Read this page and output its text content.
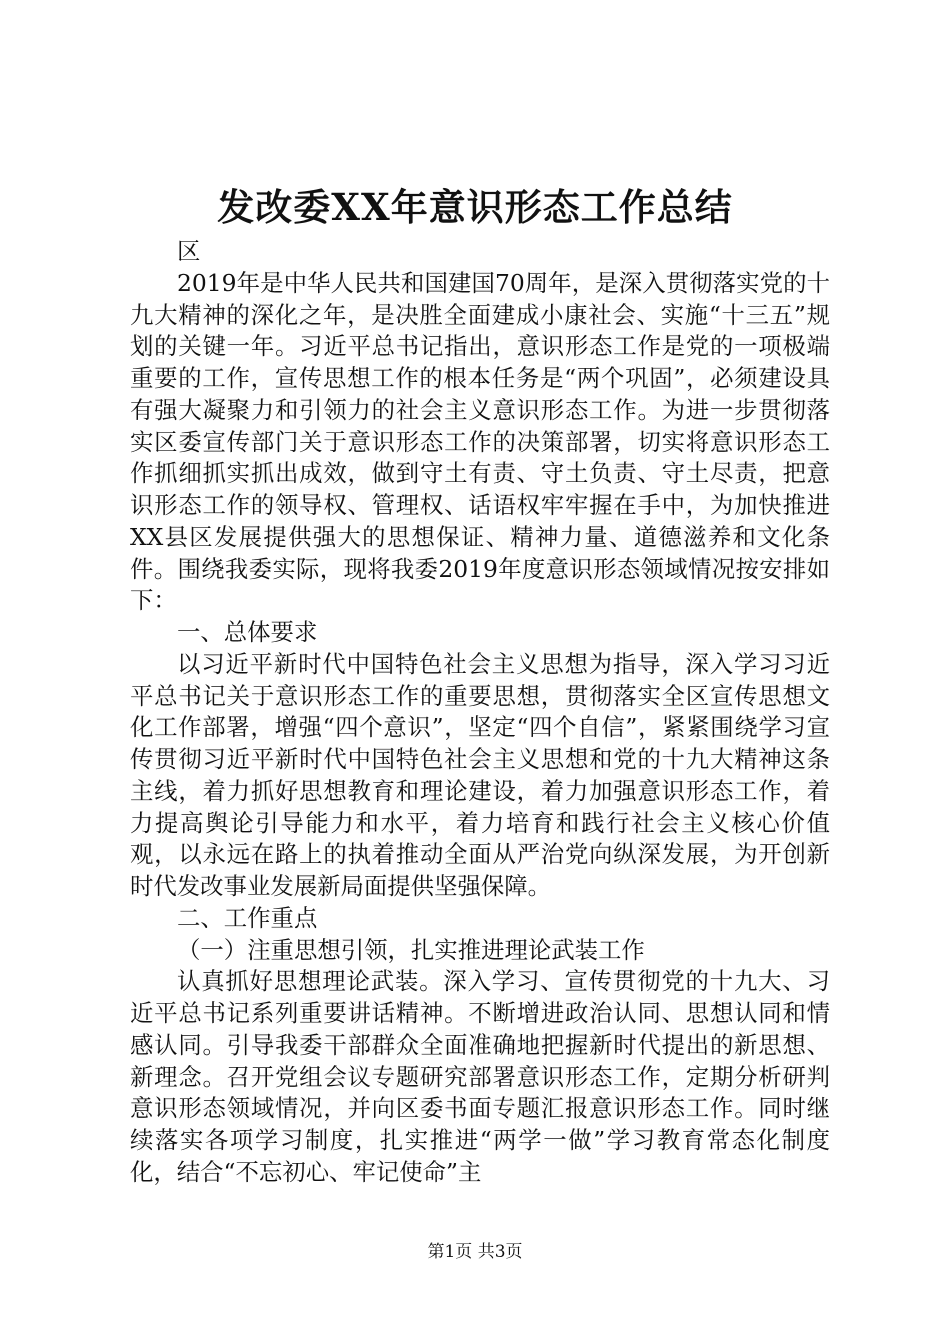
发改委XX年意识形态工作总结

区

2019年是中华人民共和国建国70周年，是深入贯彻落实党的十九大精神的深化之年，是决胜全面建成小康社会、实施“十三五”规划的关键一年。习近平总书记指出，意识形态工作是党的一项极端重要的工作，宣传思想工作的根本任务是“两个巩固”，必须建设具有强大凝聚力和引领力的社会主义意识形态工作。为进一步贯彻落实区委宣传部门关于意识形态工作的决策部署，切实将意识形态工作抓细抓实抓出成效，做到守土有责、守土负责、守土尽责，把意识形态工作的领导权、管理权、话语权牢牢握在手中，为加快推进XX县区发展提供强大的思想保证、精神力量、道德滋养和文化条件。围绕我委实际，现将我委2019年度意识形态领域情况按安排如下：

一、总体要求

以习近平新时代中国特色社会主义思想为指导，深入学习习近平总书记关于意识形态工作的重要思想，贯彻落实全区宣传思想文化工作部署，增强“四个意识”，坚定“四个自信”，紧紧围绕学习宣传贯彻习近平新时代中国特色社会主义思想和党的十九大精神这条主线，着力抓好思想教育和理论建设，着力加强意识形态工作，着力提高舆论引导能力和水平，着力培育和践行社会主义核心价值观，以永远在路上的执着推动全面从严治党向纵深发展，为开创新时代发改事业发展新局面提供坚强保障。

二、工作重点

（一）注重思想引领，扎实推进理论武装工作

认真抓好思想理论武装。深入学习、宣传贯彻党的十九大、习近平总书记系列重要讲话精神。不断增进政治认同、思想认同和情感认同。引导我委干部群众全面准确地把握新时代提出的新思想、新理念。召开党组会议专题研究部署意识形态工作，定期分析研判意识形态领域情况，并向区委书面专题汇报意识形态工作。同时继续落实各项学习制度，扎实推进“两学一做”学习教育常态化制度化，结合“不忘初心、牢记使命”主

第1页 共3页
